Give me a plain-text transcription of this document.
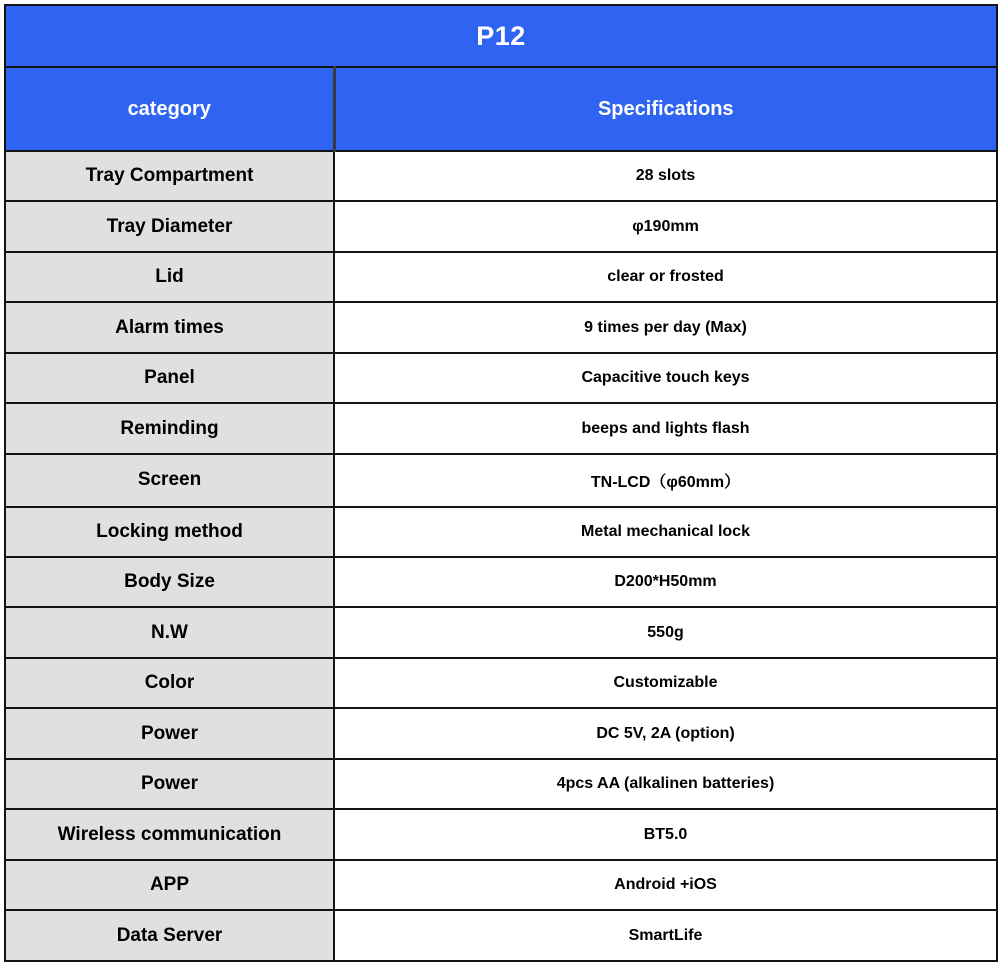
P12	
category	Specifications
Tray Compartment	28 slots
Tray Diameter	φ190mm
Lid	clear or frosted
Alarm times	9 times per day (Max)
Panel	Capacitive touch keys
Reminding	beeps and lights flash
Screen	TN-LCD（φ60mm）
Locking method	Metal mechanical lock
Body Size	D200*H50mm
N.W	550g
Color	Customizable
Power	DC 5V, 2A (option)
Power	4pcs AA (alkalinen batteries)
Wireless communication	BT5.0
APP	Android +iOS
Data Server	SmartLife
